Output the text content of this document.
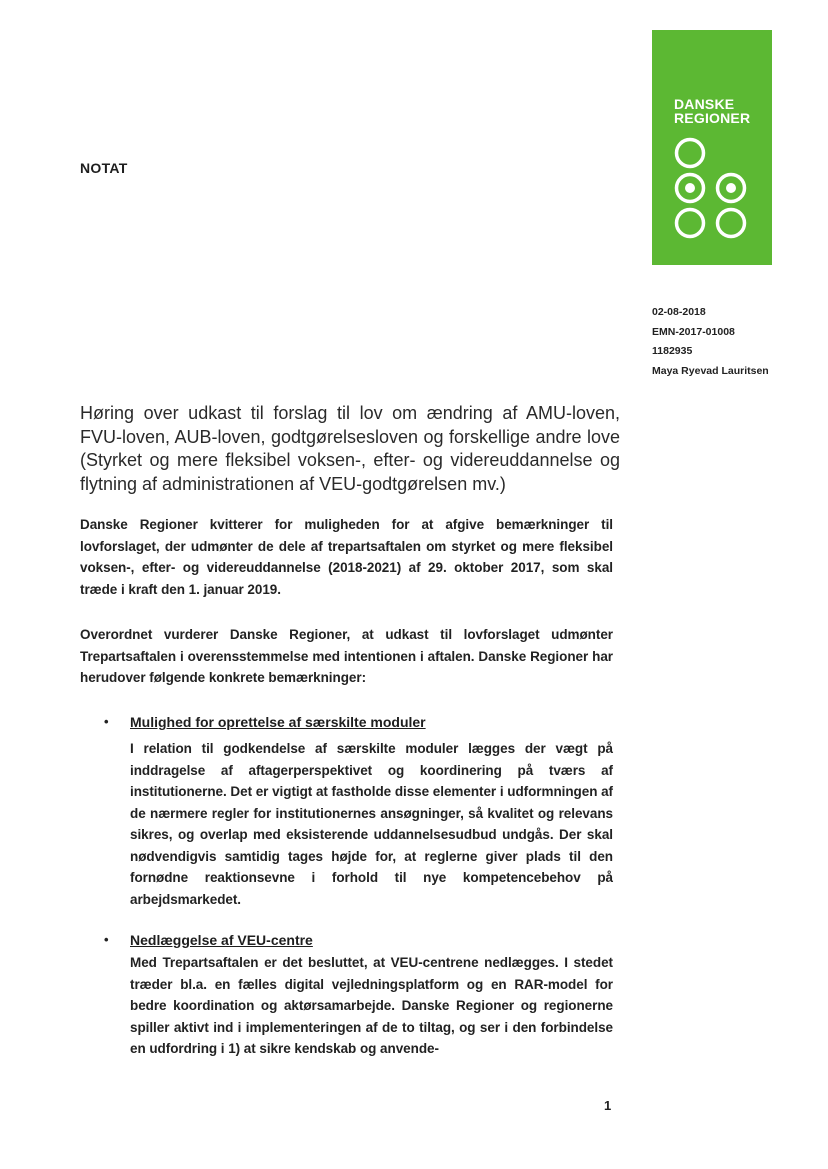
NOTAT
DANSKE
REGIONER
02-08-2018
EMN-2017-01008
1182935
Maya Ryevad Lauritsen
Høring over udkast til forslag til lov om ændring af AMU-loven, FVU-loven, AUB-loven, godtgørelsesloven og forskellige andre love (Styrket og mere fleksibel voksen-, efter- og videreuddannelse og flytning af administrationen af VEU-godtgørelsen mv.)

Danske Regioner kvitterer for muligheden for at afgive bemærkninger til lovforslaget, der udmønter de dele af trepartsaftalen om styrket og mere fleksibel voksen-, efter- og videreuddannelse (2018-2021) af 29. oktober 2017, som skal træde i kraft den 1. januar 2019.

Overordnet vurderer Danske Regioner, at udkast til lovforslaget udmønter Trepartsaftalen i overensstemmelse med intentionen i aftalen. Danske Regioner har herudover følgende konkrete bemærkninger:

• Mulighed for oprettelse af særskilte moduler

I relation til godkendelse af særskilte moduler lægges der vægt på inddragelse af aftagerperspektivet og koordinering på tværs af institutionerne. Det er vigtigt at fastholde disse elementer i udformningen af de nærmere regler for institutionernes ansøgninger, så kvalitet og relevans sikres, og overlap med eksisterende uddannelsesudbud undgås. Der skal nødvendigvis samtidig tages højde for, at reglerne giver plads til den fornødne reaktionsevne i forhold til nye kompetencebehov på arbejdsmarkedet.

• Nedlæggelse af VEU-centre

Med Trepartsaftalen er det besluttet, at VEU-centrene nedlægges. I stedet træder bl.a. en fælles digital vejledningsplatform og en RAR-model for bedre koordination og aktørsamarbejde. Danske Regioner og regionerne spiller aktivt ind i implementeringen af de to tiltag, og ser i den forbindelse en udfordring i 1) at sikre kendskab og anvende-

1
